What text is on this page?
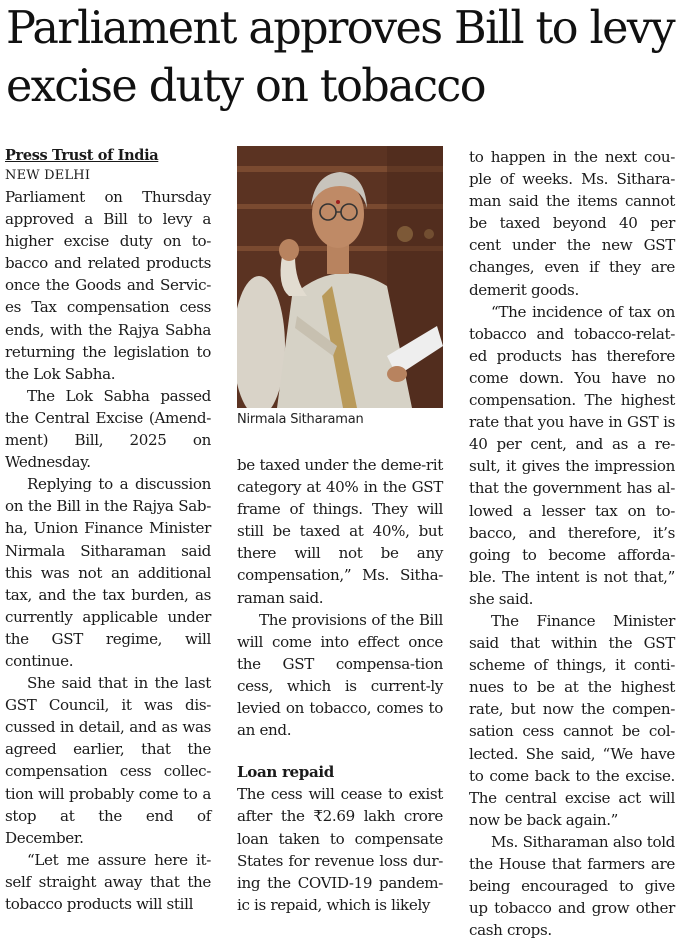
Parliament approves Bill to levy excise duty on tobacco

Press Trust of India

NEW DELHI

Parliament on Thursday approved a Bill to levy a higher excise duty on to-bacco and related products once the Goods and Servic-es Tax compensation cess ends, with the Rajya Sabha returning the legislation to the Lok Sabha.

The Lok Sabha passed the Central Excise (Amend-ment) Bill, 2025 on Wednesday.

Replying to a discussion on the Bill in the Rajya Sab-ha, Union Finance Minister Nirmala Sitharaman said this was not an additional tax, and the tax burden, as currently applicable under the GST regime, will continue.

She said that in the last GST Council, it was dis-cussed in detail, and as was agreed earlier, that the compensation cess collec-tion will probably come to a stop at the end of December.

“Let me assure here it-self straight away that the tobacco products will still

Nirmala Sitharaman

be taxed under the deme-rit category at 40% in the GST frame of things. They will still be taxed at 40%, but there will not be any compensation,” Ms. Sitha-raman said.

The provisions of the Bill will come into effect once the GST compensa-tion cess, which is current-ly levied on tobacco, comes to an end.

Loan repaid

The cess will cease to exist after the ₹2.69 lakh crore loan taken to compensate States for revenue loss dur-ing the COVID-19 pandem-ic is repaid, which is likely

to happen in the next cou-ple of weeks. Ms. Sithara-man said the items cannot be taxed beyond 40 per cent under the new GST changes, even if they are demerit goods.

“The incidence of tax on tobacco and tobacco-relat-ed products has therefore come down. You have no compensation. The highest rate that you have in GST is 40 per cent, and as a re-sult, it gives the impression that the government has al-lowed a lesser tax on to-bacco, and therefore, it’s going to become afforda-ble. The intent is not that,” she said.

The Finance Minister said that within the GST scheme of things, it conti-nues to be at the highest rate, but now the compen-sation cess cannot be col-lected. She said, “We have to come back to the excise. The central excise act will now be back again.”

Ms. Sitharaman also told the House that farmers are being encouraged to give up tobacco and grow other cash crops.
